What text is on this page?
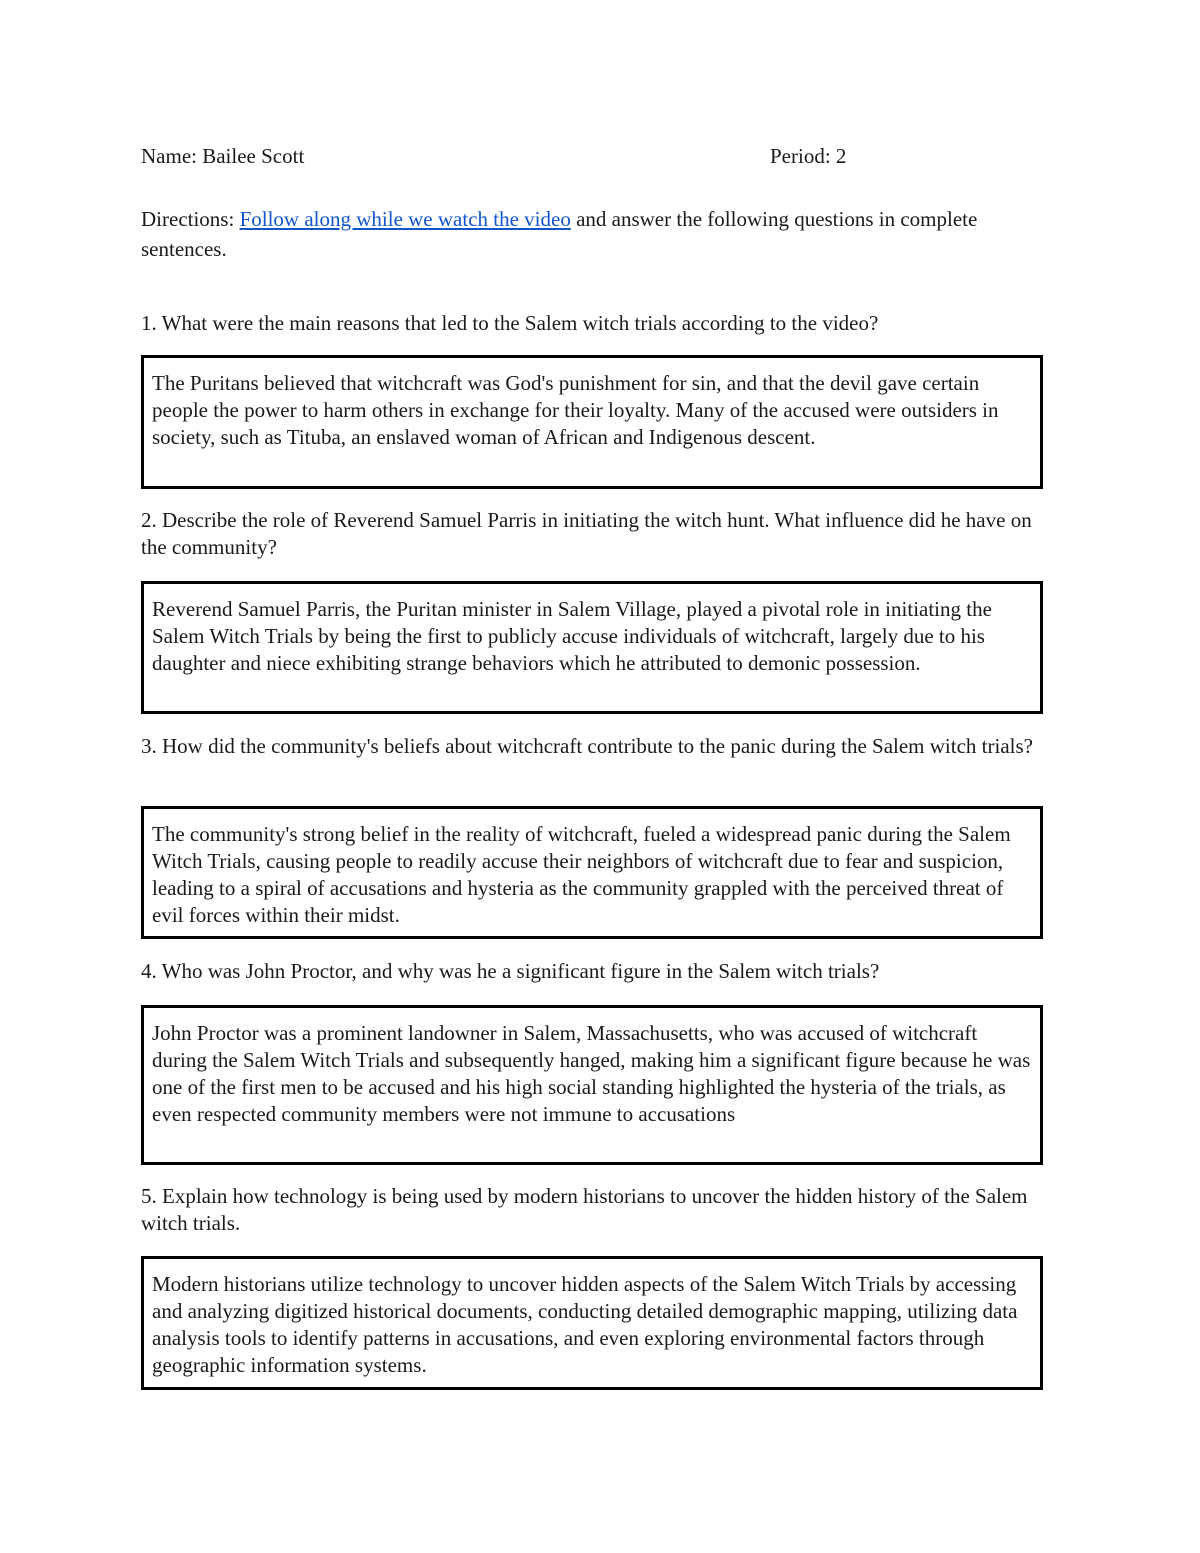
Name: Bailee Scott	Period: 2
Directions: Follow along while we watch the video and answer the following questions in complete sentences.
1. What were the main reasons that led to the Salem witch trials according to the video?
The Puritans believed that witchcraft was God's punishment for sin, and that the devil gave certain people the power to harm others in exchange for their loyalty. Many of the accused were outsiders in society, such as Tituba, an enslaved woman of African and Indigenous descent.
2. Describe the role of Reverend Samuel Parris in initiating the witch hunt. What influence did he have on the community?
Reverend Samuel Parris, the Puritan minister in Salem Village, played a pivotal role in initiating the Salem Witch Trials by being the first to publicly accuse individuals of witchcraft, largely due to his daughter and niece exhibiting strange behaviors which he attributed to demonic possession.
3. How did the community's beliefs about witchcraft contribute to the panic during the Salem witch trials?
The community's strong belief in the reality of witchcraft, fueled a widespread panic during the Salem Witch Trials, causing people to readily accuse their neighbors of witchcraft due to fear and suspicion, leading to a spiral of accusations and hysteria as the community grappled with the perceived threat of evil forces within their midst.
4. Who was John Proctor, and why was he a significant figure in the Salem witch trials?
John Proctor was a prominent landowner in Salem, Massachusetts, who was accused of witchcraft during the Salem Witch Trials and subsequently hanged, making him a significant figure because he was one of the first men to be accused and his high social standing highlighted the hysteria of the trials, as even respected community members were not immune to accusations
5. Explain how technology is being used by modern historians to uncover the hidden history of the Salem witch trials.
Modern historians utilize technology to uncover hidden aspects of the Salem Witch Trials by accessing and analyzing digitized historical documents, conducting detailed demographic mapping, utilizing data analysis tools to identify patterns in accusations, and even exploring environmental factors through geographic information systems.
